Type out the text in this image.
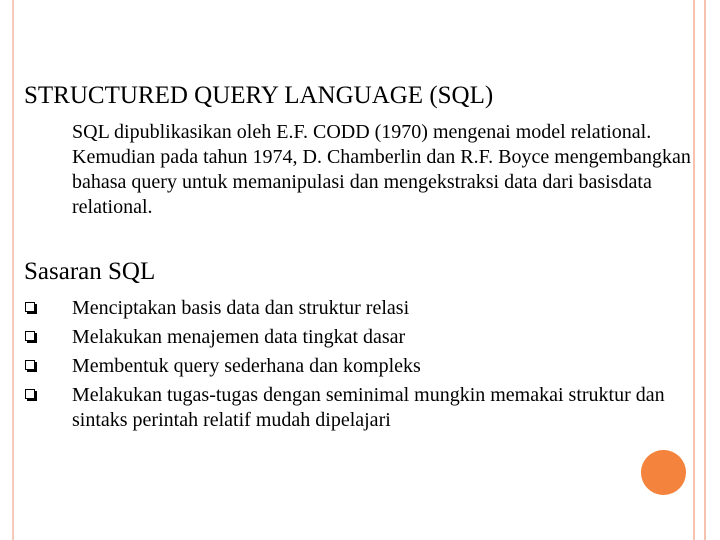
STRUCTURED QUERY LANGUAGE (SQL)

SQL dipublikasikan oleh E.F. CODD (1970) mengenai model relational. Kemudian pada tahun 1974, D. Chamberlin dan R.F. Boyce mengembangkan bahasa query untuk memanipulasi dan mengekstraksi data dari basisdata relational.

Sasaran SQL
Menciptakan basis data dan struktur relasi
Melakukan menajemen data tingkat dasar
Membentuk query sederhana dan kompleks
Melakukan tugas-tugas dengan seminimal mungkin memakai struktur dan sintaks perintah relatif mudah dipelajari
